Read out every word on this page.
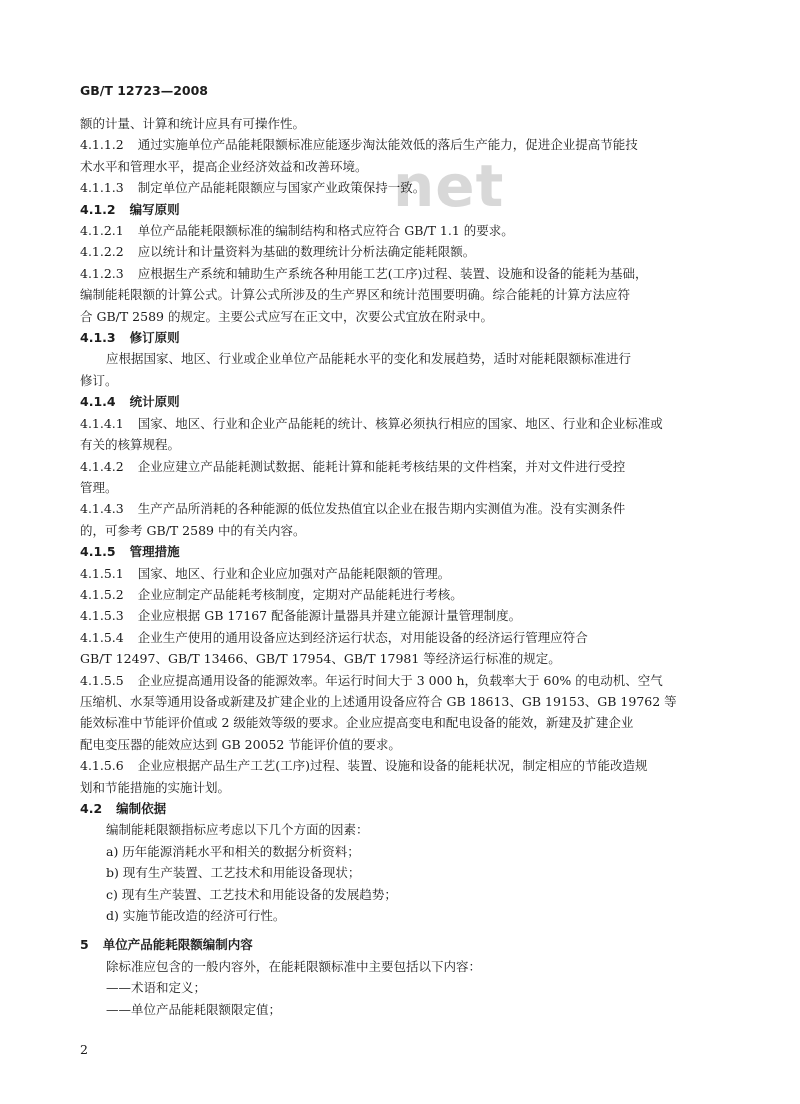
net
GB/T 12723—2008
额的计量、计算和统计应具有可操作性。
4.1.1.2 通过实施单位产品能耗限额标准应能逐步淘汰能效低的落后生产能力，促进企业提高节能技
术水平和管理水平，提高企业经济效益和改善环境。
4.1.1.3 制定单位产品能耗限额应与国家产业政策保持一致。
4.1.2 编写原则
4.1.2.1 单位产品能耗限额标准的编制结构和格式应符合 GB/T 1.1 的要求。
4.1.2.2 应以统计和计量资料为基础的数理统计分析法确定能耗限额。
4.1.2.3 应根据生产系统和辅助生产系统各种用能工艺(工序)过程、装置、设施和设备的能耗为基础，
编制能耗限额的计算公式。计算公式所涉及的生产界区和统计范围要明确。综合能耗的计算方法应符
合 GB/T 2589 的规定。主要公式应写在正文中，次要公式宜放在附录中。
4.1.3 修订原则
应根据国家、地区、行业或企业单位产品能耗水平的变化和发展趋势，适时对能耗限额标准进行
修订。
4.1.4 统计原则
4.1.4.1 国家、地区、行业和企业产品能耗的统计、核算必须执行相应的国家、地区、行业和企业标准或
有关的核算规程。
4.1.4.2 企业应建立产品能耗测试数据、能耗计算和能耗考核结果的文件档案，并对文件进行受控
管理。
4.1.4.3 生产产品所消耗的各种能源的低位发热值宜以企业在报告期内实测值为准。没有实测条件
的，可参考 GB/T 2589 中的有关内容。
4.1.5 管理措施
4.1.5.1 国家、地区、行业和企业应加强对产品能耗限额的管理。
4.1.5.2 企业应制定产品能耗考核制度，定期对产品能耗进行考核。
4.1.5.3 企业应根据 GB 17167 配备能源计量器具并建立能源计量管理制度。
4.1.5.4 企业生产使用的通用设备应达到经济运行状态，对用能设备的经济运行管理应符合
GB/T 12497、GB/T 13466、GB/T 17954、GB/T 17981 等经济运行标准的规定。
4.1.5.5 企业应提高通用设备的能源效率。年运行时间大于 3 000 h，负载率大于 60% 的电动机、空气
压缩机、水泵等通用设备或新建及扩建企业的上述通用设备应符合 GB 18613、GB 19153、GB 19762 等
能效标准中节能评价值或 2 级能效等级的要求。企业应提高变电和配电设备的能效，新建及扩建企业
配电变压器的能效应达到 GB 20052 节能评价值的要求。
4.1.5.6 企业应根据产品生产工艺(工序)过程、装置、设施和设备的能耗状况，制定相应的节能改造规
划和节能措施的实施计划。
4.2 编制依据
编制能耗限额指标应考虑以下几个方面的因素：
a) 历年能源消耗水平和相关的数据分析资料；
b) 现有生产装置、工艺技术和用能设备现状；
c) 现有生产装置、工艺技术和用能设备的发展趋势；
d) 实施节能改造的经济可行性。
5 单位产品能耗限额编制内容
除标准应包含的一般内容外，在能耗限额标准中主要包括以下内容：
——术语和定义；
——单位产品能耗限额限定值；
2
